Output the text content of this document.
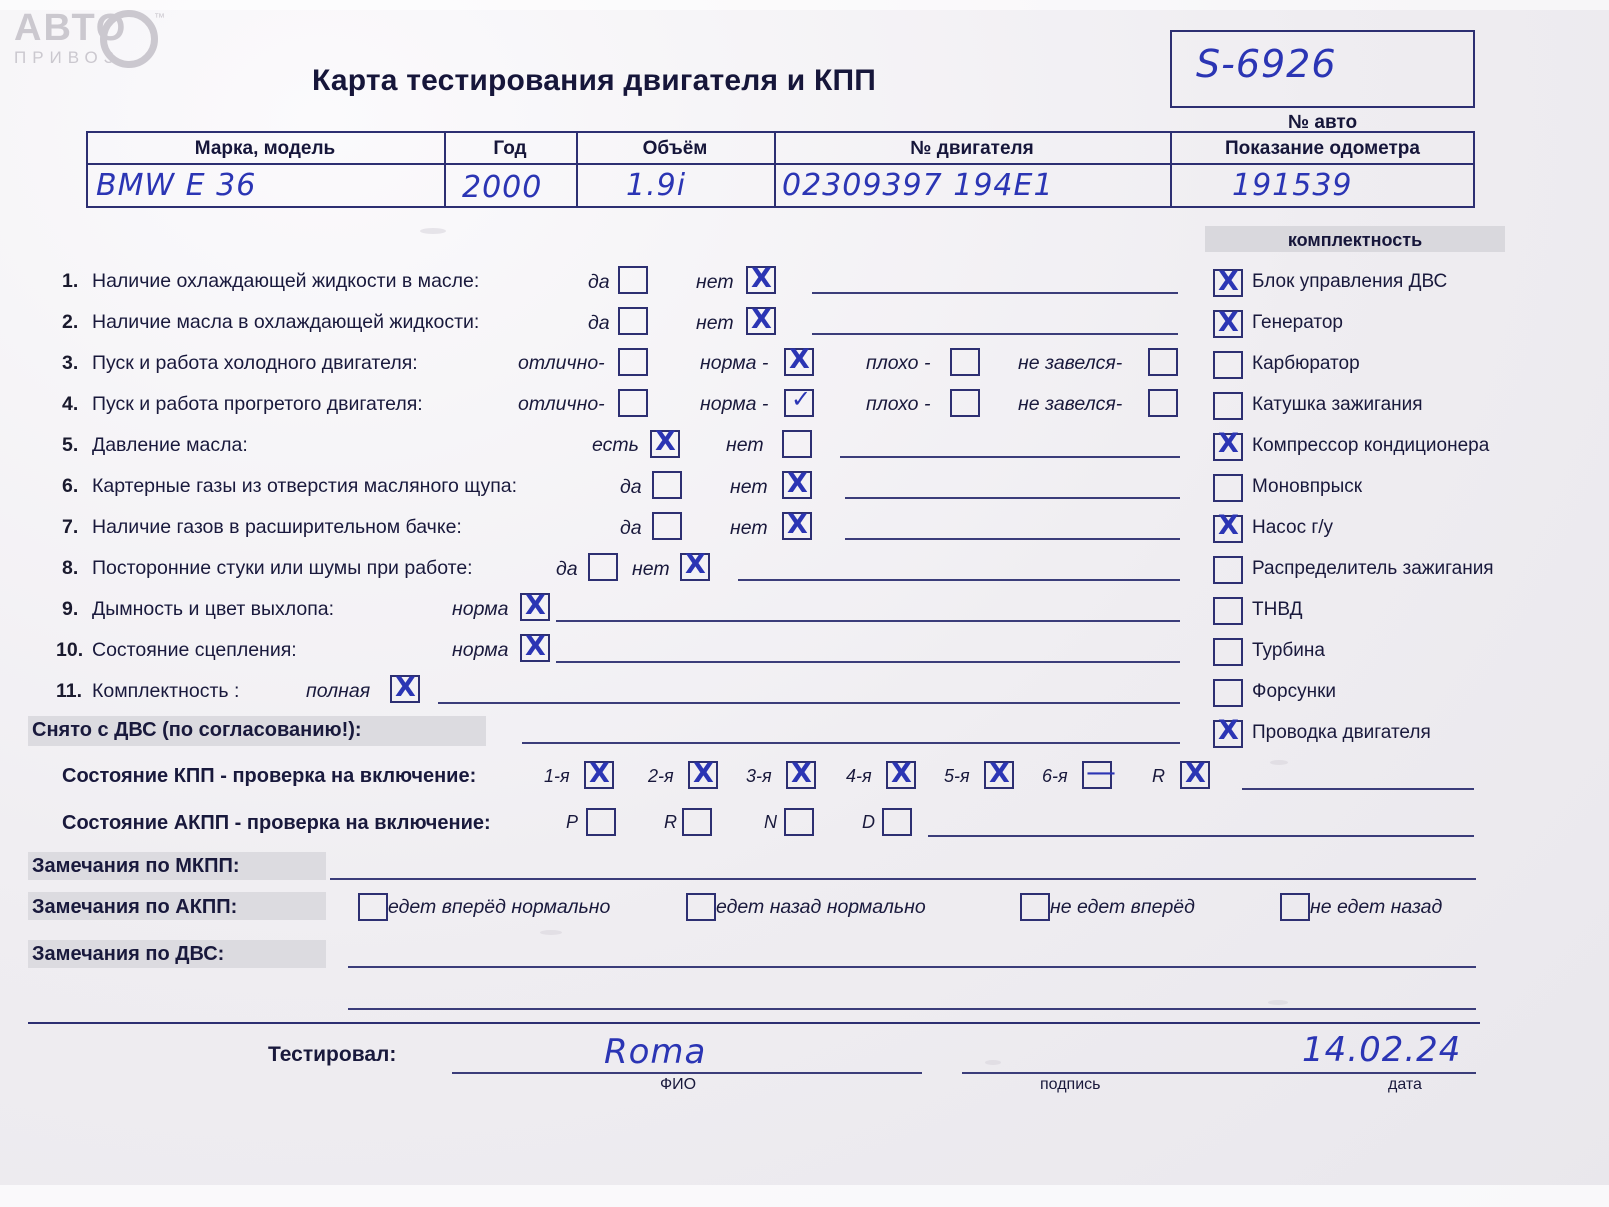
АВТО
ПРИВОЗ
™
Карта тестирования двигателя и КПП	S-6926
№ авто
Марка, модель	Год	Объём	№ двигателя	Показание одометра
BMW E 36	2000	1.9i	02309397 194E1	191539
комплектность
X Блок управления ДВС
X Генератор
Карбюратор
Катушка зажигания
X Компрессор кондиционера
Моновпрыск
X Насос г/у
Распределитель зажигания
ТНВД
Турбина
Форсунки
X Проводка двигателя
1. Наличие охлаждающей жидкости в масле:	да	нет X
2. Наличие масла в охлаждающей жидкости:	да	нет X
3. Пуск и работа холодного двигателя:	отлично-	норма - X	плохо -	не завелся-
4. Пуск и работа прогретого двигателя:	отлично-	норма - ✓	плохо -	не завелся-
5. Давление масла:	есть X	нет
6. Картерные газы из отверстия масляного щупа:	да	нет X
7. Наличие газов в расширительном бачке:	да	нет X
8. Посторонние стуки или шумы при работе:	да	нет X
9. Дымность и цвет выхлопа:	норма X
10. Состояние сцепления:	норма X
11. Комплектность :	полная X
Снято с ДВС (по согласованию!):
Состояние КПП - проверка на включение:	1-я X 2-я X 3-я X 4-я X 5-я X 6-я — R X
Состояние АКПП - проверка на включение:	P	R	N	D
Замечания по МКПП:
Замечания по АКПП:	едет вперёд нормально	едет назад нормально	не едет вперёд	не едет назад
Замечания по ДВС:
Тестировал:	Roma
ФИО	подпись
14.02.24
дата
